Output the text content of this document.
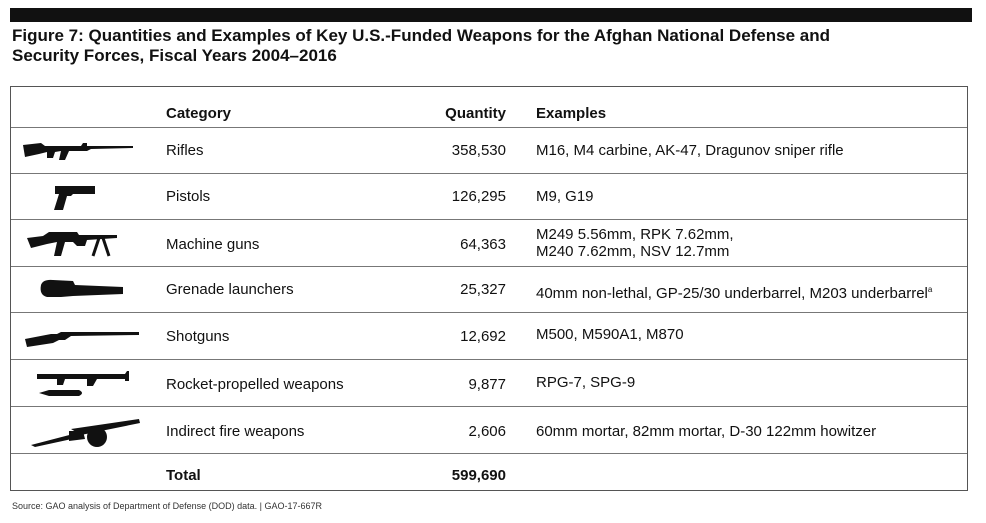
Figure 7: Quantities and Examples of Key U.S.-Funded Weapons for the Afghan National Defense and
Security Forces, Fiscal Years 2004–2016
Category	Quantity Examples
Rifles	358,530 M16, M4 carbine, AK-47, Dragunov sniper rifle
Pistols	126,295 M9, G19
Machine guns	64,363
M249 5.56mm, RPK 7.62mm,
M240 7.62mm, NSV 12.7mm
Grenade launchers	25,327 40mm non-lethal, GP-25/30 underbarrel, M203 underbarrel$^a$
Shotguns	12,692 M500, M590A1, M870
Rocket-propelled weapons	9,877 RPG-7, SPG-9
Indirect fire weapons	2,606 60mm mortar, 82mm mortar, D-30 122mm howitzer
Total	599,690
Source: GAO analysis of Department of Defense (DOD) data. | GAO-17-667R
